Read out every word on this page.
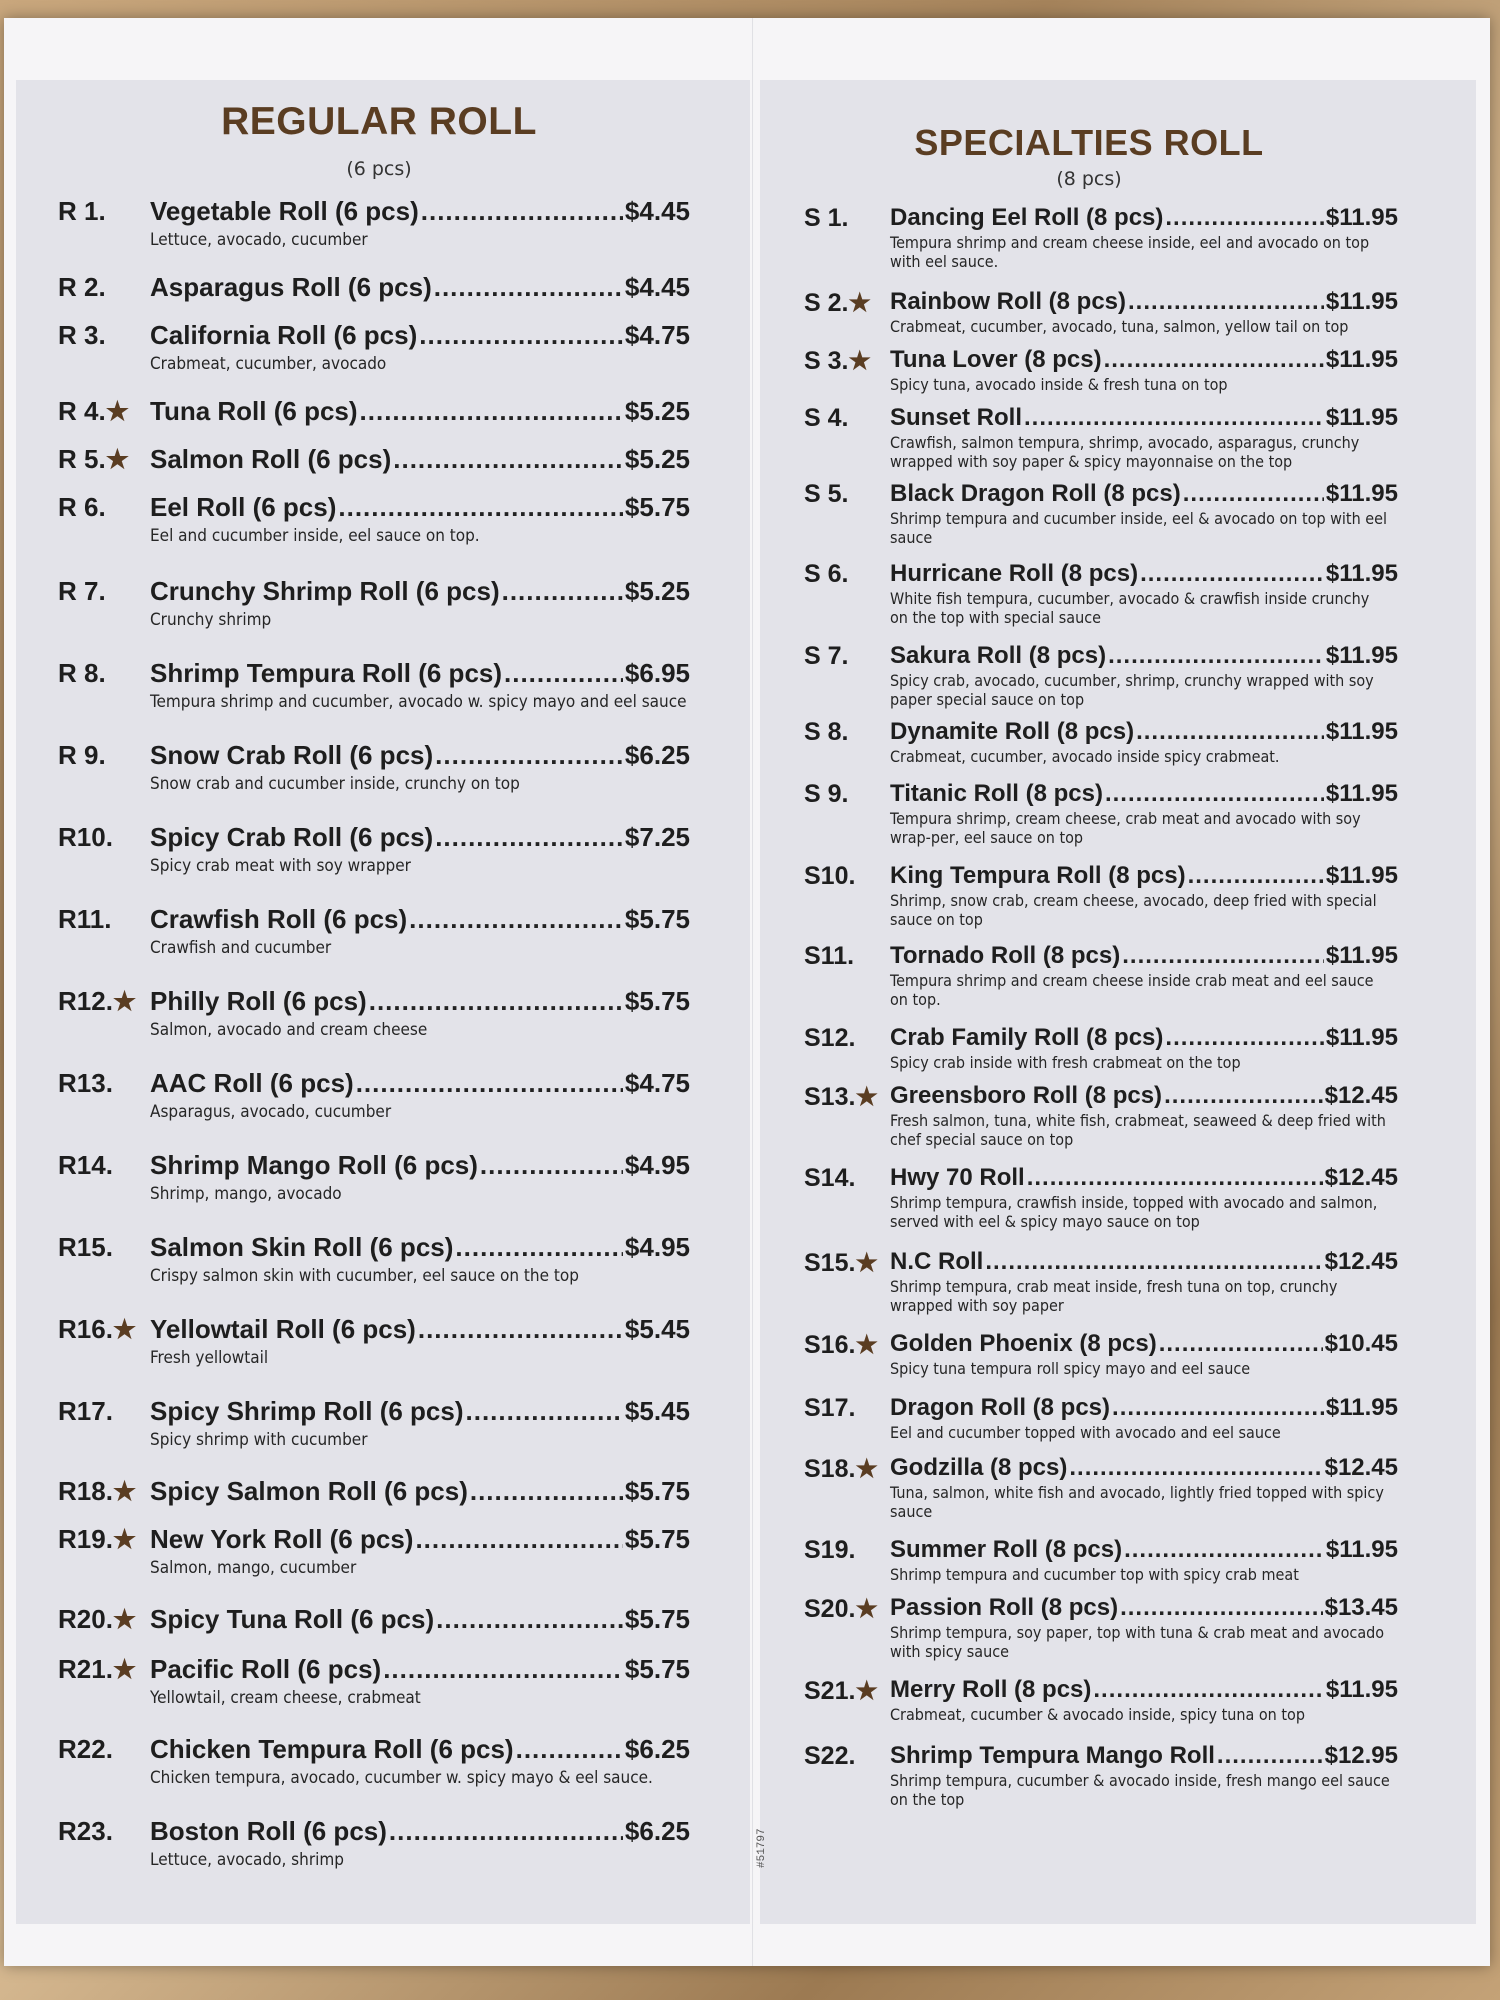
REGULAR ROLL
(6 pcs)
SPECIALTIES ROLL
(8 pcs)
R 1. Vegetable Roll (6 pcs) .....	$4.45
Lettuce, avocado, cucumber
R 2. Asparagus Roll (6 pcs) .....	$4.45
R 3. California Roll (6 pcs) .....	$4.75
Crabmeat, cucumber, avocado
R 4.★ Tuna Roll (6 pcs) .....	$5.25
R 5.★ Salmon Roll (6 pcs) .....	$5.25
R 6. Eel Roll (6 pcs) .....	$5.75
Eel and cucumber inside, eel sauce on top.
R 7. Crunchy Shrimp Roll (6 pcs) .....	$5.25
Crunchy shrimp
R 8. Shrimp Tempura Roll (6 pcs) .....	$6.95
Tempura shrimp and cucumber, avocado w. spicy mayo and eel sauce
R 9. Snow Crab Roll (6 pcs) .....	$6.25
Snow crab and cucumber inside, crunchy on top
R10. Spicy Crab Roll (6 pcs) .....	$7.25
Spicy crab meat with soy wrapper
R11. Crawfish Roll (6 pcs) .....	$5.75
Crawfish and cucumber
R12.★ Philly Roll (6 pcs) .....	$5.75
Salmon, avocado and cream cheese
R13. AAC Roll (6 pcs) .....	$4.75
Asparagus, avocado, cucumber
R14. Shrimp Mango Roll (6 pcs) .....	$4.95
Shrimp, mango, avocado
R15. Salmon Skin Roll (6 pcs) .....	$4.95
Crispy salmon skin with cucumber, eel sauce on the top
R16.★ Yellowtail Roll (6 pcs) .....	$5.45
Fresh yellowtail
R17. Spicy Shrimp Roll (6 pcs) .....	$5.45
Spicy shrimp with cucumber
R18.★ Spicy Salmon Roll (6 pcs) .....	$5.75
R19.★ New York Roll (6 pcs) .....	$5.75
Salmon, mango, cucumber
R20.★ Spicy Tuna Roll (6 pcs) .....	$5.75
R21.★ Pacific Roll (6 pcs) .....	$5.75
Yellowtail, cream cheese, crabmeat
R22. Chicken Tempura Roll (6 pcs) .....	$6.25
Chicken tempura, avocado, cucumber w. spicy mayo & eel sauce.
R23. Boston Roll (6 pcs) .....	$6.25
Lettuce, avocado, shrimp
S 1. Dancing Eel Roll (8 pcs) .....	$11.95
Tempura shrimp and cream cheese inside, eel and avocado on top with eel sauce.
S 2.★ Rainbow Roll (8 pcs) .....	$11.95
Crabmeat, cucumber, avocado, tuna, salmon, yellow tail on top
S 3.★ Tuna Lover (8 pcs) .....	$11.95
Spicy tuna, avocado inside & fresh tuna on top
S 4. Sunset Roll .....	$11.95
Crawfish, salmon tempura, shrimp, avocado, asparagus, crunchy wrapped with soy paper & spicy mayonnaise on the top
S 5. Black Dragon Roll (8 pcs) .....	$11.95
Shrimp tempura and cucumber inside, eel & avocado on top with eel sauce
S 6. Hurricane Roll (8 pcs) .....	$11.95
White fish tempura, cucumber, avocado & crawfish inside crunchy on the top with special sauce
S 7. Sakura Roll (8 pcs) .....	$11.95
Spicy crab, avocado, cucumber, shrimp, crunchy wrapped with soy paper special sauce on top
S 8. Dynamite Roll (8 pcs) .....	$11.95
Crabmeat, cucumber, avocado inside spicy crabmeat.
S 9. Titanic Roll (8 pcs) .....	$11.95
Tempura shrimp, cream cheese, crab meat and avocado with soy wrap-per, eel sauce on top
S10. King Tempura Roll (8 pcs) .....	$11.95
Shrimp, snow crab, cream cheese, avocado, deep fried with special sauce on top
S11. Tornado Roll (8 pcs) .....	$11.95
Tempura shrimp and cream cheese inside crab meat and eel sauce on top.
S12. Crab Family Roll (8 pcs) .....	$11.95
Spicy crab inside with fresh crabmeat on the top
S13.★ Greensboro Roll (8 pcs) .....	$12.45
Fresh salmon, tuna, white fish, crabmeat, seaweed & deep fried with chef special sauce on top
S14. Hwy 70 Roll .....	$12.45
Shrimp tempura, crawfish inside, topped with avocado and salmon, served with eel & spicy mayo sauce on top
S15.★ N.C Roll .....	$12.45
Shrimp tempura, crab meat inside, fresh tuna on top, crunchy wrapped with soy paper
S16.★ Golden Phoenix (8 pcs) .....	$10.45
Spicy tuna tempura roll spicy mayo and eel sauce
S17. Dragon Roll (8 pcs) .....	$11.95
Eel and cucumber topped with avocado and eel sauce
S18.★ Godzilla (8 pcs) .....	$12.45
Tuna, salmon, white fish and avocado, lightly fried topped with spicy sauce
S19. Summer Roll (8 pcs) .....	$11.95
Shrimp tempura and cucumber top with spicy crab meat
S20.★ Passion Roll (8 pcs) .....	$13.45
Shrimp tempura, soy paper, top with tuna & crab meat and avocado with spicy sauce
S21.★ Merry Roll (8 pcs) .....	$11.95
Crabmeat, cucumber & avocado inside, spicy tuna on top
S22. Shrimp Tempura Mango Roll .....	$12.95
Shrimp tempura, cucumber & avocado inside, fresh mango eel sauce on the top
#51797
